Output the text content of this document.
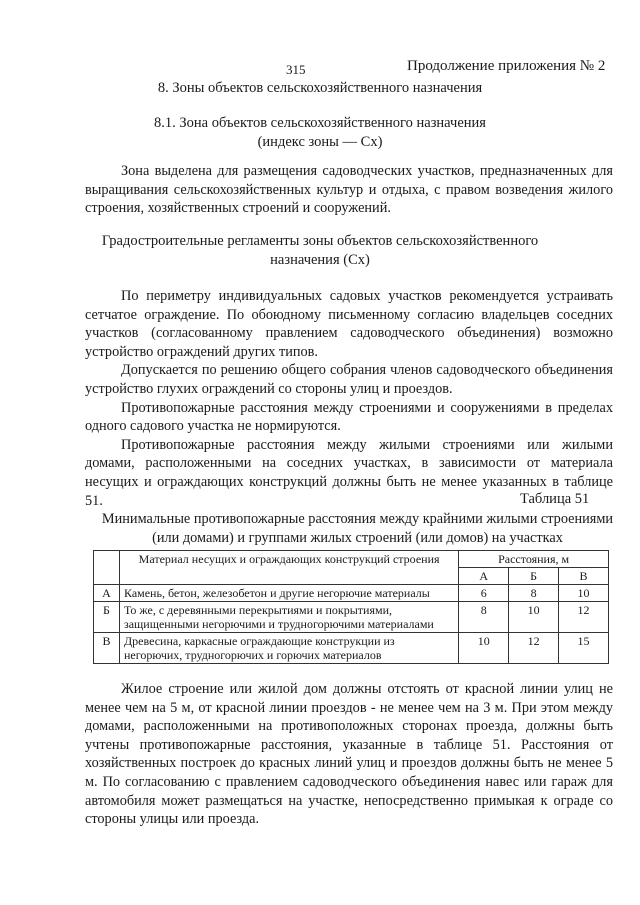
315	Продолжение приложения № 2
8. Зоны объектов сельскохозяйственного назначения
8.1. Зона объектов сельскохозяйственного назначения
(индекс зоны — Сх)

Зона выделена для размещения садоводческих участков, предназначенных для выращивания сельскохозяйственных культур и отдыха, с правом возведения жилого строения, хозяйственных строений и сооружений.

Градостроительные регламенты зоны объектов сельскохозяйственного
назначения (Сх)

По периметру индивидуальных садовых участков рекомендуется устраивать сетчатое ограждение. По обоюдному письменному согласию владельцев соседних участков (согласованному правлением садоводческого объединения) возможно устройство ограждений других типов.

Допускается по решению общего собрания членов садоводческого объединения устройство глухих ограждений со стороны улиц и проездов.

Противопожарные расстояния между строениями и сооружениями в пределах одного садового участка не нормируются.

Противопожарные расстояния между жилыми строениями или жилыми домами, расположенными на соседних участках, в зависимости от материала несущих и ограждающих конструкций должны быть не менее указанных в таблице 51.	Таблица 51
Минимальные противопожарные расстояния между крайними жилыми строениями (или домами) и группами жилых строений (или домов) на участках
	Материал несущих и ограждающих конструкций строения	Расстояния, м		
		А	Б	В
А	Камень, бетон, железобетон и другие негорючие материалы	6	8	10
Б	То же, с деревянными перекрытиями и покрытиями, защищенными негорючими и трудногорючими материалами	8	10	12
В	Древесина, каркасные ограждающие конструкции из негорючих, трудногорючих и горючих материалов	10	12	15

Жилое строение или жилой дом должны отстоять от красной линии улиц не менее чем на 5 м, от красной линии проездов - не менее чем на 3 м. При этом между домами, расположенными на противоположных сторонах проезда, должны быть учтены противопожарные расстояния, указанные в таблице 51. Расстояния от хозяйственных построек до красных линий улиц и проездов должны быть не менее 5 м. По согласованию с правлением садоводческого объединения навес или гараж для автомобиля может размещаться на участке, непосредственно примыкая к ограде со стороны улицы или проезда.
